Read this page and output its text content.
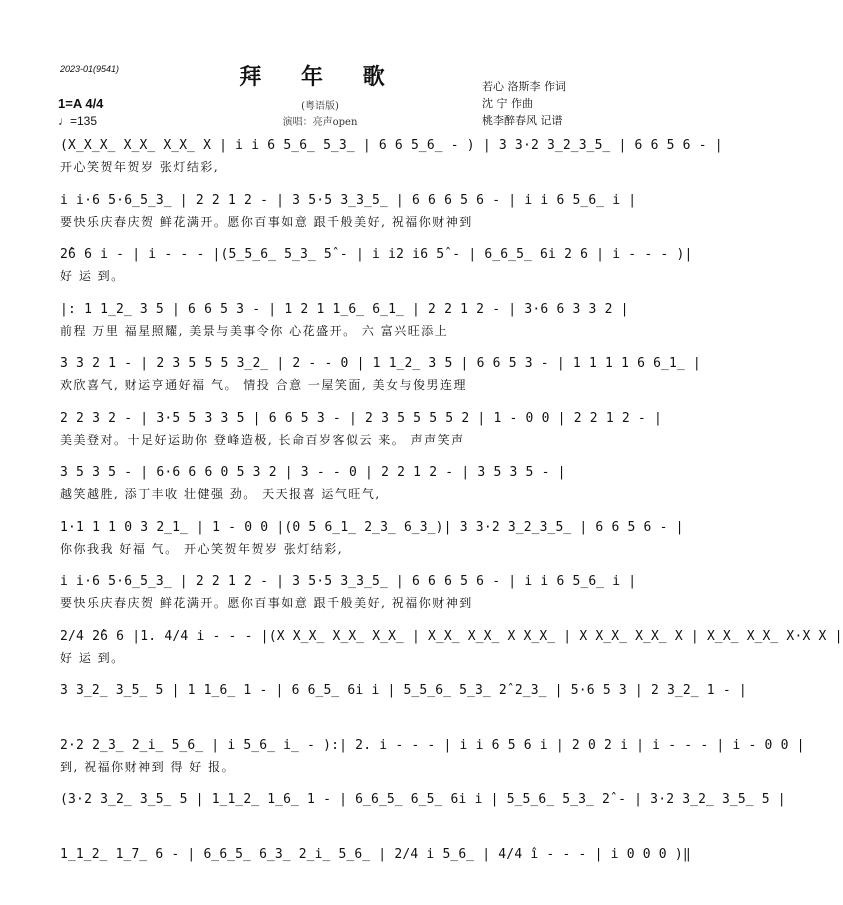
2023-01(9541)	拜 年 歌
(粤语版)
演唱：亮声open
若心 洛斯李 作词
沈 宁 作曲
桃李醉春风 记谱
1=A 4/4
♩=135
(X̲X̲X̲ X̲X̲ X̲X̲ X | i i 6 5̲6̲ 5̲3̲ | 6 6 5̲6̲ - ) | 3 3·2 3̲2̲3̲5̲ | 6 6 5 6 - |
开心笑贺年贺岁 张灯结彩,
i i·6 5·6̲5̲3̲ | 2 2 1 2 - | 3 5·5 3̲3̲5̲ | 6 6 6 5 6 - | i i 6 5̲6̲ i |
要快乐庆春庆贺 鲜花满开。愿你百事如意 跟千般美好, 祝福你财神到
2̂6 6 i - | i - - - |(5̲5̲6̲ 5̲3̲ 5̂ - | i i2 i6 5̂ - | 6̲6̲5̲ 6i 2 6 | i - - - )|
好 运 到。
|: 1 1̲2̲ 3 5 | 6 6 5 3 - | 1 2 1 1̲6̲ 6̲1̲ | 2 2 1 2 - | 3·6 6 3 3 2 |
前程 万里 福星照耀, 美景与美事令你 心花盛开。 六 富兴旺添上
3 3 2 1 - | 2 3 5 5 5 3̲2̲ | 2 - - 0 | 1 1̲2̲ 3 5 | 6 6 5 3 - | 1 1 1 1 6 6̲1̲ |
欢欣喜气, 财运亨通好福 气。 情投 合意 一屋笑面, 美女与俊男连理
2 2 3 2 - | 3·5 5 3 3 5 | 6 6 5 3 - | 2 3 5 5 5 5 2 | 1 - 0 0 | 2 2 1 2 - |
美美登对。十足好运助你 登峰造极, 长命百岁客似云 来。 声声笑声
3 5 3 5 - | 6·6 6 6 0 5 3 2 | 3 - - 0 | 2 2 1 2 - | 3 5 3 5 - |
越笑越胜, 添丁丰收 壮健强 劲。 天天报喜 运气旺气,
1·1 1 1 0 3 2̲1̲ | 1 - 0 0 |(0 5 6̲1̲ 2̲3̲ 6̲3̲)| 3 3·2 3̲2̲3̲5̲ | 6 6 5 6 - |
你你我我 好福 气。 开心笑贺年贺岁 张灯结彩,
i i·6 5·6̲5̲3̲ | 2 2 1 2 - | 3 5·5 3̲3̲5̲ | 6 6 6 5 6 - | i i 6 5̲6̲ i |
要快乐庆春庆贺 鲜花满开。愿你百事如意 跟千般美好, 祝福你财神到
2/4 2̂6 6 |1. 4/4 i - - - |(X X̲X̲ X̲X̲ X̲X̲ | X̲X̲ X̲X̲ X X̲X̲ | X X̲X̲ X̲X̲ X | X̲X̲ X̲X̲ X·X X |
好 运 到。
3 3̲2̲ 3̲5̲ 5 | 1 1̲6̲ 1 - | 6 6̲5̲ 6i i | 5̲5̲6̲ 5̲3̲ 2̂ 2̲3̲ | 5·6 5 3 | 2 3̲2̲ 1 - |
2·2 2̲3̲ 2̲i̲ 5̲6̲ | i 5̲6̲ i̲ - ):| 2. i - - - | i i 6 5 6 i | 2 0 2 i | i - - - | i - 0 0 |
到, 祝福你财神到 得 好 报。
(3·2 3̲2̲ 3̲5̲ 5 | 1̲1̲2̲ 1̲6̲ 1 - | 6̲6̲5̲ 6̲5̲ 6i i | 5̲5̲6̲ 5̲3̲ 2̂ - | 3·2 3̲2̲ 3̲5̲ 5 |
1̲1̲2̲ 1̲7̲ 6 - | 6̲6̲5̲ 6̲3̲ 2̲i̲ 5̲6̲ | 2/4 i 5̲6̲ | 4/4 î - - - | i 0 0 0 )‖
